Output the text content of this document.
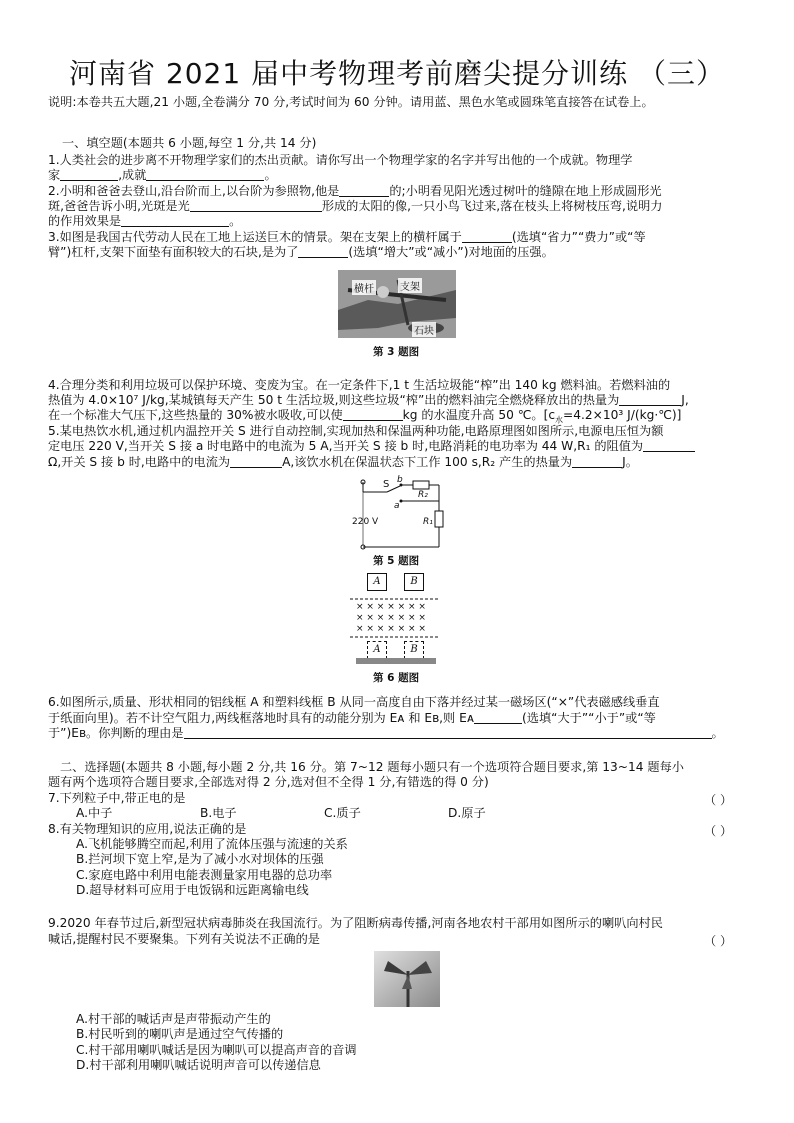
河南省 2021 届中考物理考前磨尖提分训练 （三）
说明:本卷共五大题,21 小题,全卷满分 70 分,考试时间为 60 分钟。请用蓝、黑色水笔或圆珠笔直接答在试卷上。
一、填空题(本题共 6 小题,每空 1 分,共 14 分)
1.人类社会的进步离不开物理学家们的杰出贡献。请你写出一个物理学家的名字并写出他的一个成就。物理学
家	,成就	。
2.小明和爸爸去登山,沿台阶而上,以台阶为参照物,他是	的;小明看见阳光透过树叶的缝隙在地上形成圆形光
斑,爸爸告诉小明,光斑是光	形成的太阳的像,一只小鸟飞过来,落在枝头上将树枝压弯,说明力
的作用效果是	。
3.如图是我国古代劳动人民在工地上运送巨木的情景。架在支架上的横杆属于	(选填“省力”“费力”或“等
臂”)杠杆,支架下面垫有面积较大的石块,是为了	(选填“增大”或“减小”)对地面的压强。
横杆	支架
石块
第 3 题图
4.合理分类和利用垃圾可以保护环境、变废为宝。在一定条件下,1 t 生活垃圾能“榨”出 140 kg 燃料油。若燃料油的
热值为 4.0×10⁷ J/kg,某城镇每天产生 50 t 生活垃圾,则这些垃圾“榨”出的燃料油完全燃烧释放出的热量为	J,
在一个标准大气压下,这些热量的 30%被水吸收,可以使	kg 的水温度升高 50 ℃。[$c_水=4.2\times 10^3$ J/(kg·℃)]
5.某电热饮水机,通过机内温控开关 S 进行自动控制,实现加热和保温两种功能,电路原理图如图所示,电源电压恒为额
定电压 220 V,当开关 S 接 a 时电路中的电流为 5 A,当开关 S 接 b 时,电路消耗的电功率为 44 W,R₁ 的阻值为
Ω,开关 S 接 b 时,电路中的电流为	A,该饮水机在保温状态下工作 100 s,R₂ 产生的热量为	J。
S b
a
R₂
R₁
220 V
第 5 题图
A	B
× × × × × × ×
× × × × × × ×
× × × × × × ×
A	B
第 6 题图
6.如图所示,质量、形状相同的铝线框 A 和塑料线框 B 从同一高度自由下落并经过某一磁场区(“×”代表磁感线垂直
于纸面向里)。若不计空气阻力,两线框落地时具有的动能分别为 Eᴀ 和 Eʙ,则 Eᴀ	(选填“大于”“小于”或“等
于”)Eʙ。你判断的理由是	。
二、选择题(本题共 8 小题,每小题 2 分,共 16 分。第 7~12 题每小题只有一个选项符合题目要求,第 13~14 题每小
题有两个选项符合题目要求,全部选对得 2 分,选对但不全得 1 分,有错选的得 0 分)
7.下列粒子中,带正电的是	（ ）
A.中子	B.电子	C.质子	D.原子
8.有关物理知识的应用,说法正确的是	（ ）
A.飞机能够腾空而起,利用了流体压强与流速的关系
B.拦河坝下宽上窄,是为了减小水对坝体的压强
C.家庭电路中利用电能表测量家用电器的总功率
D.超导材料可应用于电饭锅和远距离输电线
9.2020 年春节过后,新型冠状病毒肺炎在我国流行。为了阻断病毒传播,河南各地农村干部用如图所示的喇叭向村民
喊话,提醒村民不要聚集。下列有关说法不正确的是	（ ）
A.村干部的喊话声是声带振动产生的
B.村民听到的喇叭声是通过空气传播的
C.村干部用喇叭喊话是因为喇叭可以提高声音的音调
D.村干部利用喇叭喊话说明声音可以传递信息
